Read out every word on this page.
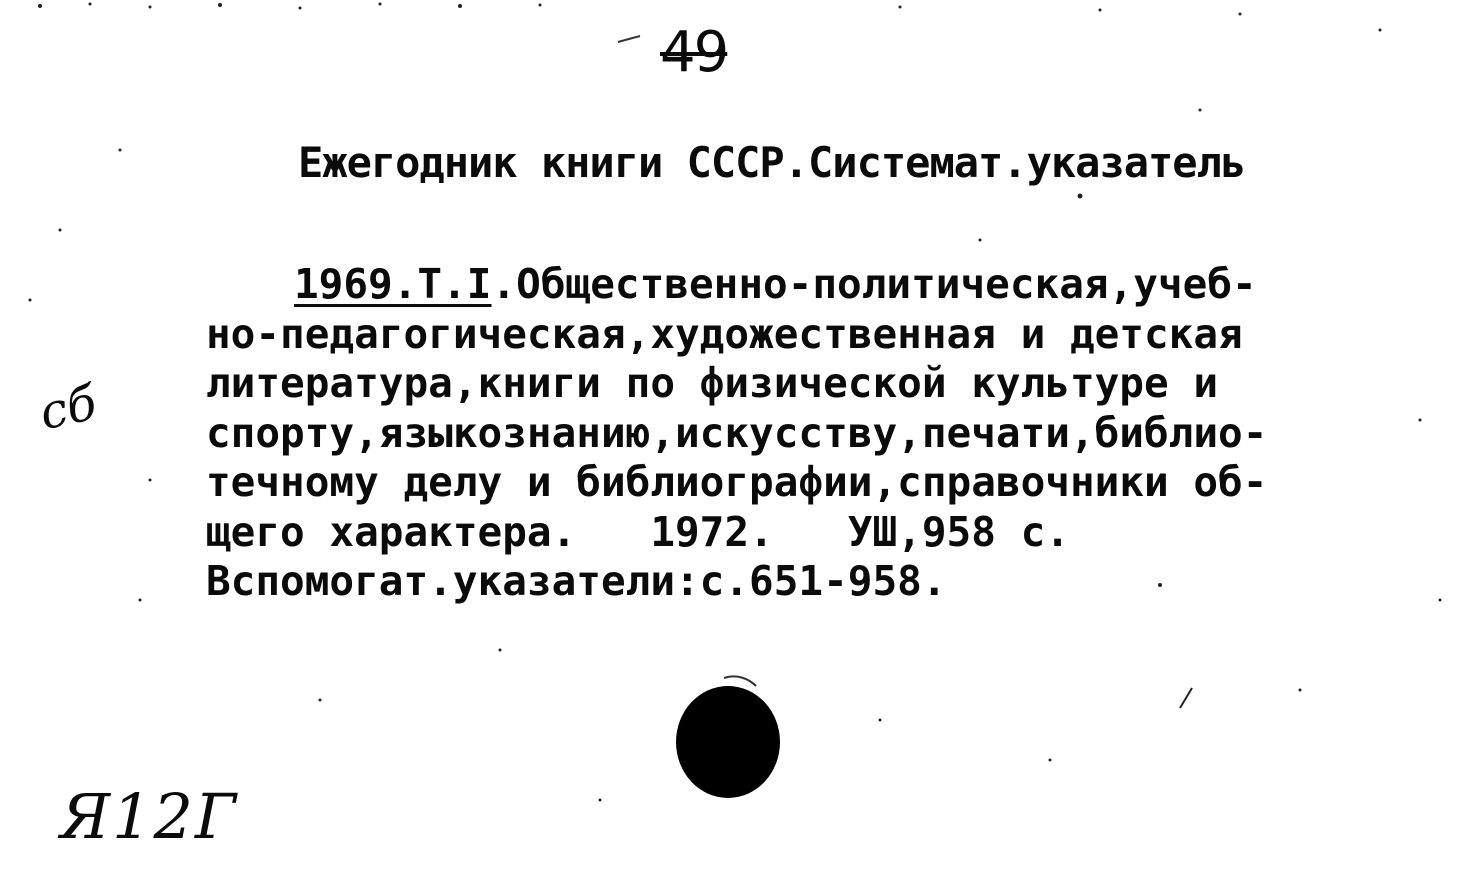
49
Ежегодник книги СССР.Системат.указатель
1969.Т.I.Общественно-политическая,учеб-
но-педагогическая,художественная и детская
литература,книги по физической культуре и
спорту,языкознанию,искусству,печати,библио-
течному делу и библиографии,справочники об-
щего характера.   1972.   УШ,958 с.
Вспомогат.указатели:с.651-958.
сб
Я12Г
